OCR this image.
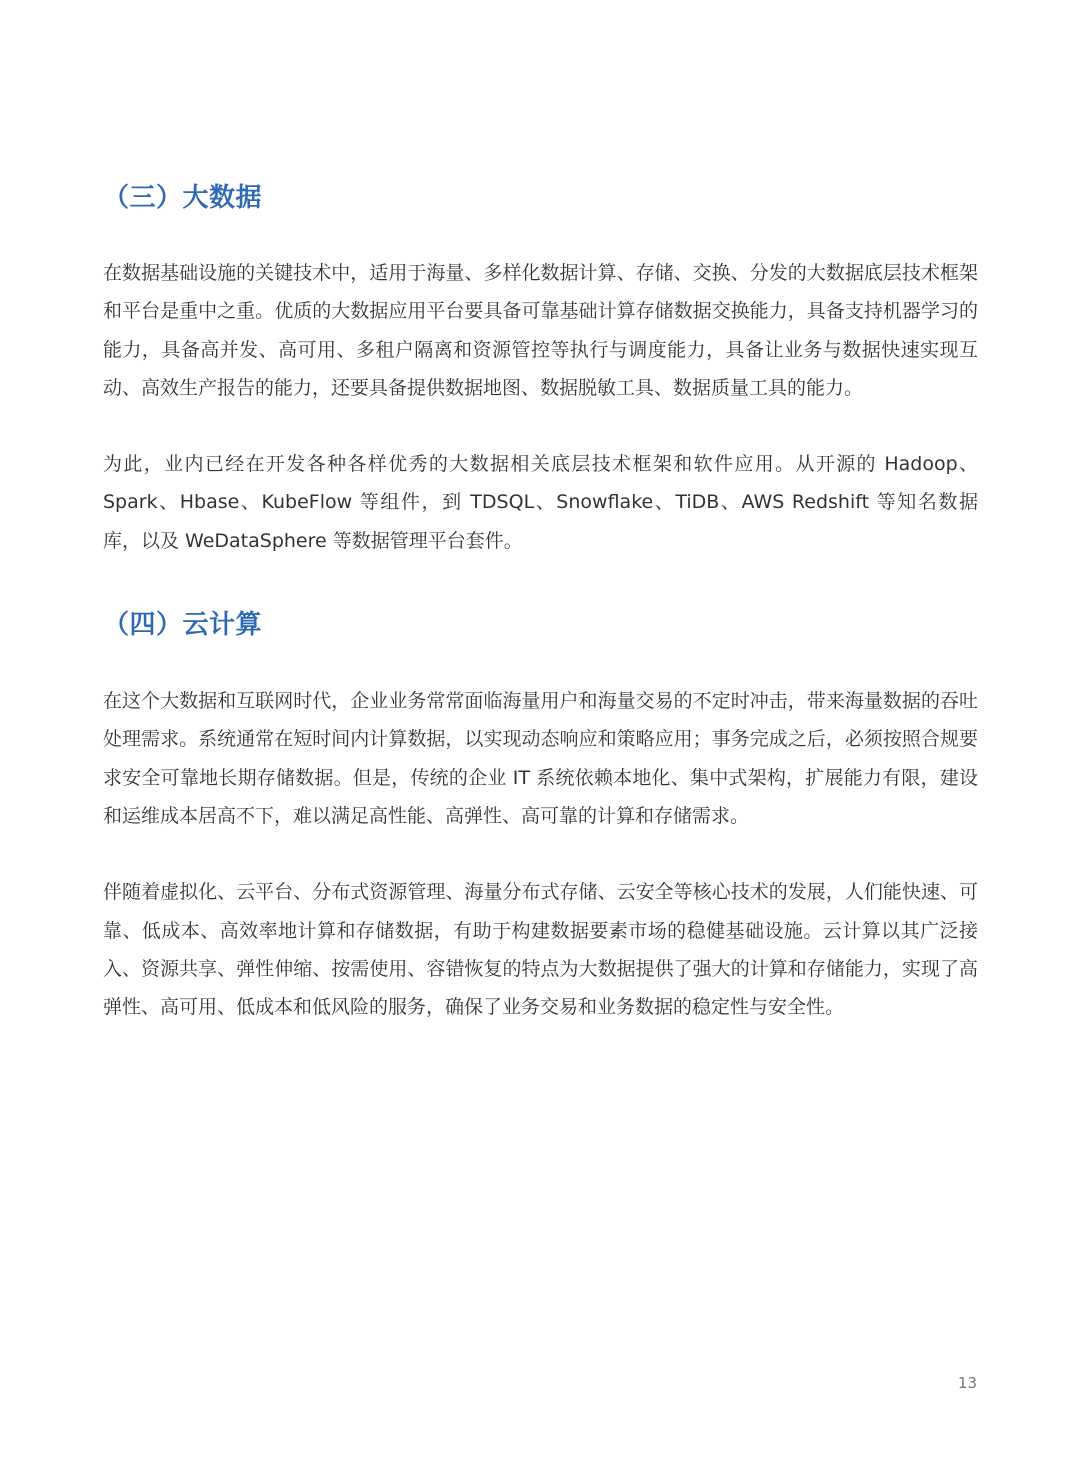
（三）大数据

在数据基础设施的关键技术中，适用于海量、多样化数据计算、存储、交换、分发的大数据底层技术框架和平台是重中之重。优质的大数据应用平台要具备可靠基础计算存储数据交换能力，具备支持机器学习的能力，具备高并发、高可用、多租户隔离和资源管控等执行与调度能力，具备让业务与数据快速实现互动、高效生产报告的能力，还要具备提供数据地图、数据脱敏工具、数据质量工具的能力。

为此，业内已经在开发各种各样优秀的大数据相关底层技术框架和软件应用。从开源的 Hadoop、Spark、Hbase、KubeFlow 等组件，到 TDSQL、Snowflake、TiDB、AWS Redshift 等知名数据库，以及 WeDataSphere 等数据管理平台套件。

（四）云计算

在这个大数据和互联网时代，企业业务常常面临海量用户和海量交易的不定时冲击，带来海量数据的吞吐处理需求。系统通常在短时间内计算数据，以实现动态响应和策略应用；事务完成之后，必须按照合规要求安全可靠地长期存储数据。但是，传统的企业 IT 系统依赖本地化、集中式架构，扩展能力有限，建设和运维成本居高不下，难以满足高性能、高弹性、高可靠的计算和存储需求。

伴随着虚拟化、云平台、分布式资源管理、海量分布式存储、云安全等核心技术的发展，人们能快速、可靠、低成本、高效率地计算和存储数据，有助于构建数据要素市场的稳健基础设施。云计算以其广泛接入、资源共享、弹性伸缩、按需使用、容错恢复的特点为大数据提供了强大的计算和存储能力，实现了高弹性、高可用、低成本和低风险的服务，确保了业务交易和业务数据的稳定性与安全性。

13
